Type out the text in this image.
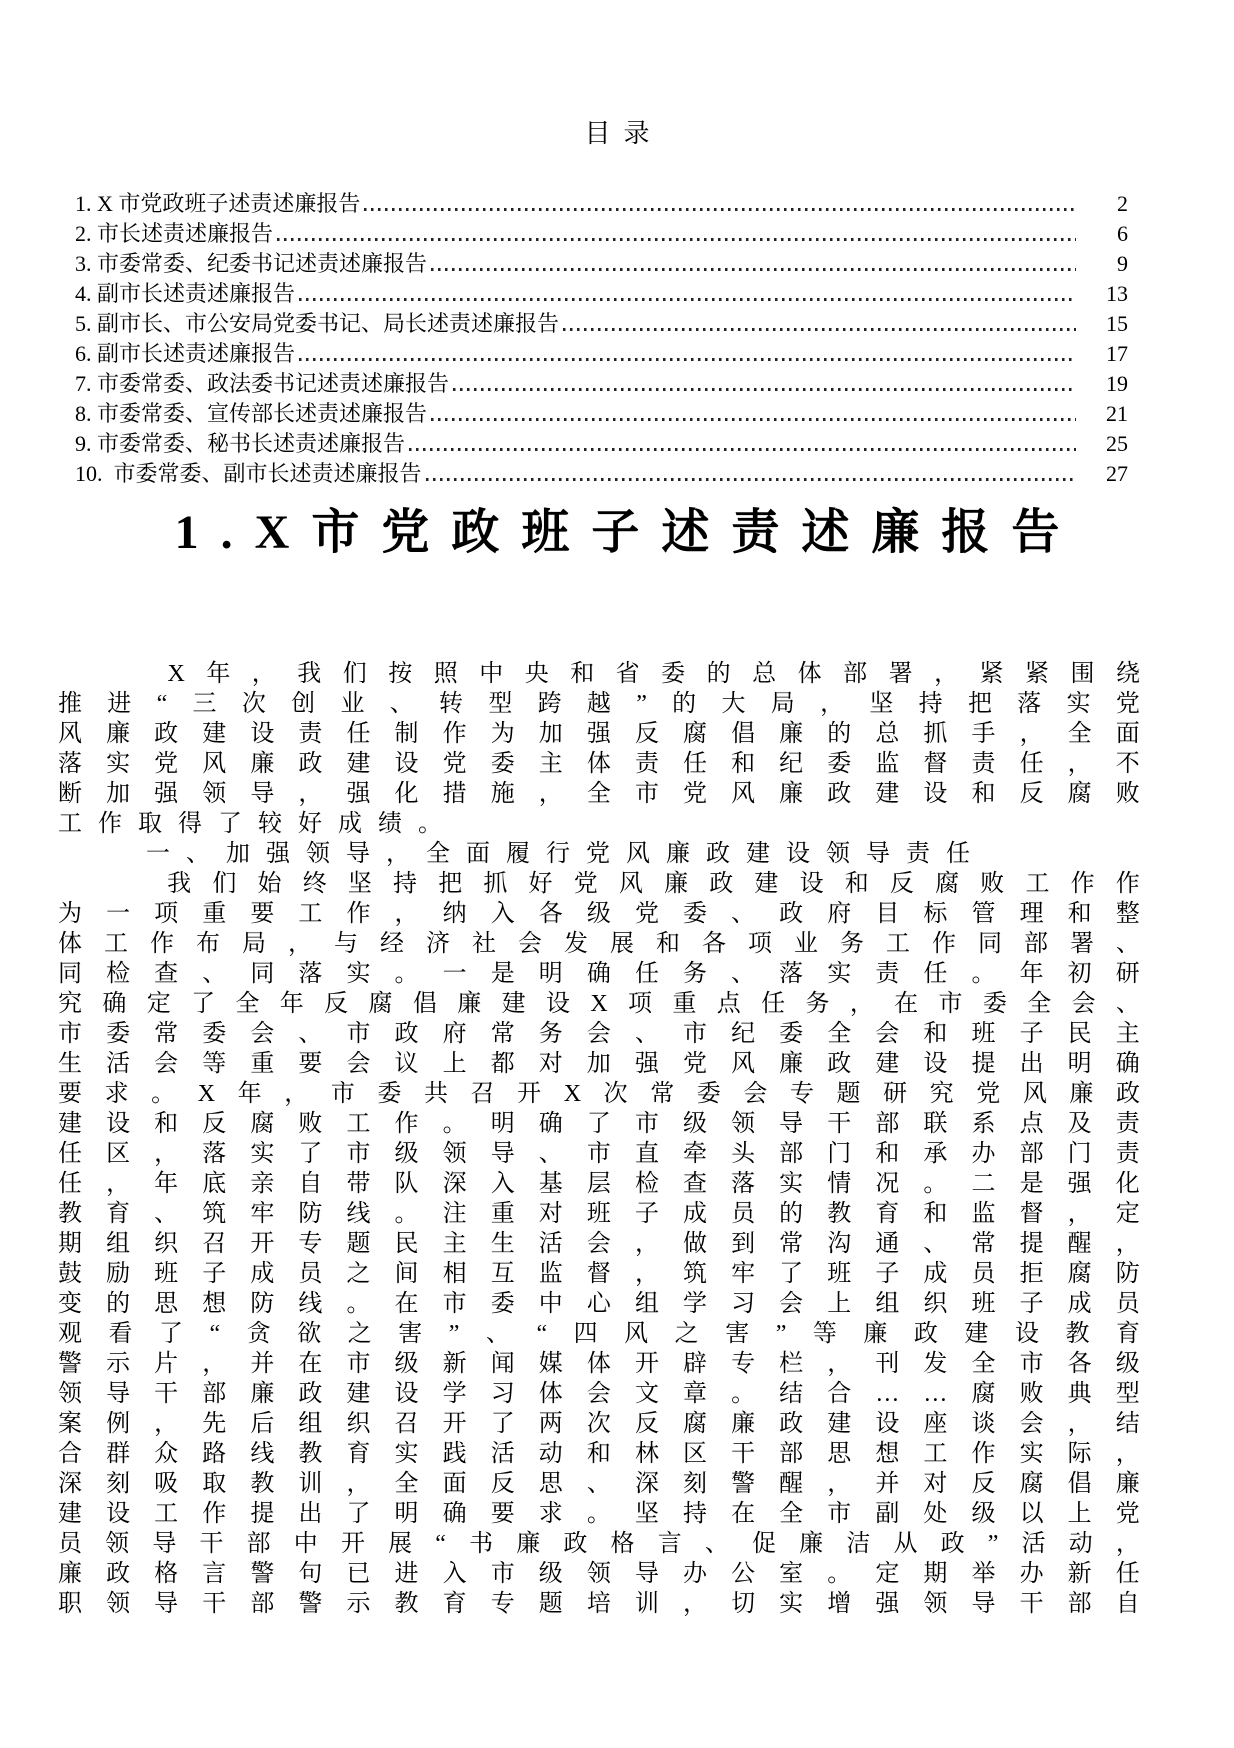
目  录
1. X 市党政班子述责述廉报告	2
2. 市长述责述廉报告	6
3. 市委常委、纪委书记述责述廉报告	9
4. 副市长述责述廉报告	13
5. 副市长、市公安局党委书记、局长述责述廉报告	15
6. 副市长述责述廉报告	17
7. 市委常委、政法委书记述责述廉报告	19
8. 市委常委、宣传部长述责述廉报告	21
9. 市委常委、秘书长述责述廉报告	25
10.  市委常委、副市长述责述廉报告	27
1.X市党政班子述责述廉报告
X 年 ， 我 们 按 照 中 央 和 省 委 的 总 体 部 署 ， 紧 紧 围 绕
推 进 “ 三 次 创 业 、 转 型 跨 越 ” 的 大 局 ， 坚 持 把 落 实 党
风 廉 政 建 设 责 任 制 作 为 加 强 反 腐 倡 廉 的 总 抓 手 ， 全 面
落 实 党 风 廉 政 建 设 党 委 主 体 责 任 和 纪 委 监 督 责 任 ， 不
断 加 强 领 导 ， 强 化 措 施 ， 全 市 党 风 廉 政 建 设 和 反 腐 败
工作取得了较好成绩。
一、加强领导，全面履行党风廉政建设领导责任
我 们 始 终 坚 持 把 抓 好 党 风 廉 政 建 设 和 反 腐 败 工 作 作
为 一 项 重 要 工 作 ， 纳 入 各 级 党 委 、 政 府 目 标 管 理 和 整
体 工 作 布 局 ， 与 经 济 社 会 发 展 和 各 项 业 务 工 作 同 部 署 、
同 检 查 、 同 落 实 。 一 是 明 确 任 务 、 落 实 责 任 。 年 初 研
究 确 定 了 全 年 反 腐 倡 廉 建 设 X 项 重 点 任 务 ， 在 市 委 全 会 、
市 委 常 委 会 、 市 政 府 常 务 会 、 市 纪 委 全 会 和 班 子 民 主
生 活 会 等 重 要 会 议 上 都 对 加 强 党 风 廉 政 建 设 提 出 明 确
要 求 。 X 年 ， 市 委 共 召 开 X 次 常 委 会 专 题 研 究 党 风 廉 政
建 设 和 反 腐 败 工 作 。 明 确 了 市 级 领 导 干 部 联 系 点 及 责
任 区 ， 落 实 了 市 级 领 导 、 市 直 牵 头 部 门 和 承 办 部 门 责
任 ， 年 底 亲 自 带 队 深 入 基 层 检 查 落 实 情 况 。 二 是 强 化
教 育 、 筑 牢 防 线 。 注 重 对 班 子 成 员 的 教 育 和 监 督 ， 定
期 组 织 召 开 专 题 民 主 生 活 会 ， 做 到 常 沟 通 、 常 提 醒 ，
鼓 励 班 子 成 员 之 间 相 互 监 督 ， 筑 牢 了 班 子 成 员 拒 腐 防
变 的 思 想 防 线 。 在 市 委 中 心 组 学 习 会 上 组 织 班 子 成 员
观 看 了 “ 贪 欲 之 害 ” 、 “ 四 风 之 害 ” 等 廉 政 建 设 教 育
警 示 片 ， 并 在 市 级 新 闻 媒 体 开 辟 专 栏 ， 刊 发 全 市 各 级
领 导 干 部 廉 政 建 设 学 习 体 会 文 章 。 结 合 … … 腐 败 典 型
案 例 ， 先 后 组 织 召 开 了 两 次 反 腐 廉 政 建 设 座 谈 会 ， 结
合 群 众 路 线 教 育 实 践 活 动 和 林 区 干 部 思 想 工 作 实 际 ，
深 刻 吸 取 教 训 ， 全 面 反 思 、 深 刻 警 醒 ， 并 对 反 腐 倡 廉
建 设 工 作 提 出 了 明 确 要 求 。 坚 持 在 全 市 副 处 级 以 上 党
员 领 导 干 部 中 开 展 “ 书 廉 政 格 言 、 促 廉 洁 从 政 ” 活 动 ，
廉 政 格 言 警 句 已 进 入 市 级 领 导 办 公 室 。 定 期 举 办 新 任
职 领 导 干 部 警 示 教 育 专 题 培 训 ， 切 实 增 强 领 导 干 部 自
